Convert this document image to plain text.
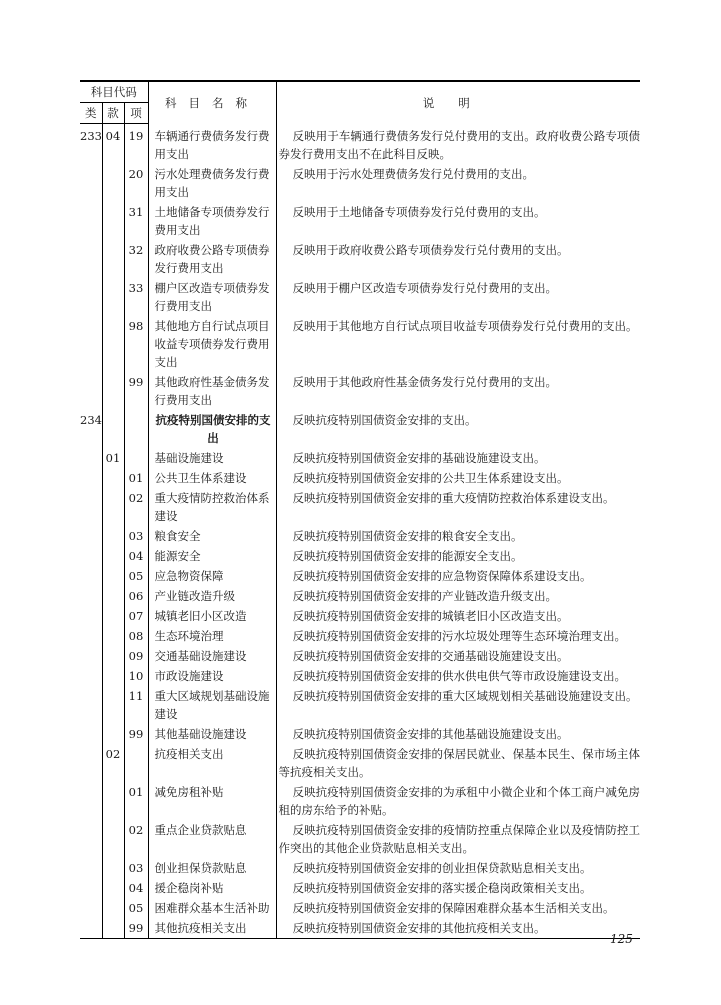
科目代码			科目名称	说明
类	款	项		
233	04	19	车辆通行费债务发行费用支出	反映用于车辆通行费债务发行兑付费用的支出。政府收费公路专项债券发行费用支出不在此科目反映。
		20	污水处理费债务发行费用支出	反映用于污水处理费债务发行兑付费用的支出。
		31	土地储备专项债券发行费用支出	反映用于土地储备专项债券发行兑付费用的支出。
		32	政府收费公路专项债券发行费用支出	反映用于政府收费公路专项债券发行兑付费用的支出。
		33	棚户区改造专项债券发行费用支出	反映用于棚户区改造专项债券发行兑付费用的支出。
		98	其他地方自行试点项目收益专项债券发行费用支出	反映用于其他地方自行试点项目收益专项债券发行兑付费用的支出。
		99	其他政府性基金债务发行费用支出	反映用于其他政府性基金债务发行兑付费用的支出。
234			抗疫特别国债安排的支出	反映抗疫特别国债资金安排的支出。
	01		基础设施建设	反映抗疫特别国债资金安排的基础设施建设支出。
		01	公共卫生体系建设	反映抗疫特别国债资金安排的公共卫生体系建设支出。
		02	重大疫情防控救治体系建设	反映抗疫特别国债资金安排的重大疫情防控救治体系建设支出。
		03	粮食安全	反映抗疫特别国债资金安排的粮食安全支出。
		04	能源安全	反映抗疫特别国债资金安排的能源安全支出。
		05	应急物资保障	反映抗疫特别国债资金安排的应急物资保障体系建设支出。
		06	产业链改造升级	反映抗疫特别国债资金安排的产业链改造升级支出。
		07	城镇老旧小区改造	反映抗疫特别国债资金安排的城镇老旧小区改造支出。
		08	生态环境治理	反映抗疫特别国债资金安排的污水垃圾处理等生态环境治理支出。
		09	交通基础设施建设	反映抗疫特别国债资金安排的交通基础设施建设支出。
		10	市政设施建设	反映抗疫特别国债资金安排的供水供电供气等市政设施建设支出。
		11	重大区域规划基础设施建设	反映抗疫特别国债资金安排的重大区域规划相关基础设施建设支出。
		99	其他基础设施建设	反映抗疫特别国债资金安排的其他基础设施建设支出。
	02		抗疫相关支出	反映抗疫特别国债资金安排的保居民就业、保基本民生、保市场主体等抗疫相关支出。
		01	减免房租补贴	反映抗疫特别国债资金安排的为承租中小微企业和个体工商户减免房租的房东给予的补贴。
		02	重点企业贷款贴息	反映抗疫特别国债资金安排的疫情防控重点保障企业以及疫情防控工作突出的其他企业贷款贴息相关支出。
		03	创业担保贷款贴息	反映抗疫特别国债资金安排的创业担保贷款贴息相关支出。
		04	援企稳岗补贴	反映抗疫特别国债资金安排的落实援企稳岗政策相关支出。
		05	困难群众基本生活补助	反映抗疫特别国债资金安排的保障困难群众基本生活相关支出。
		99	其他抗疫相关支出	反映抗疫特别国债资金安排的其他抗疫相关支出。
125
